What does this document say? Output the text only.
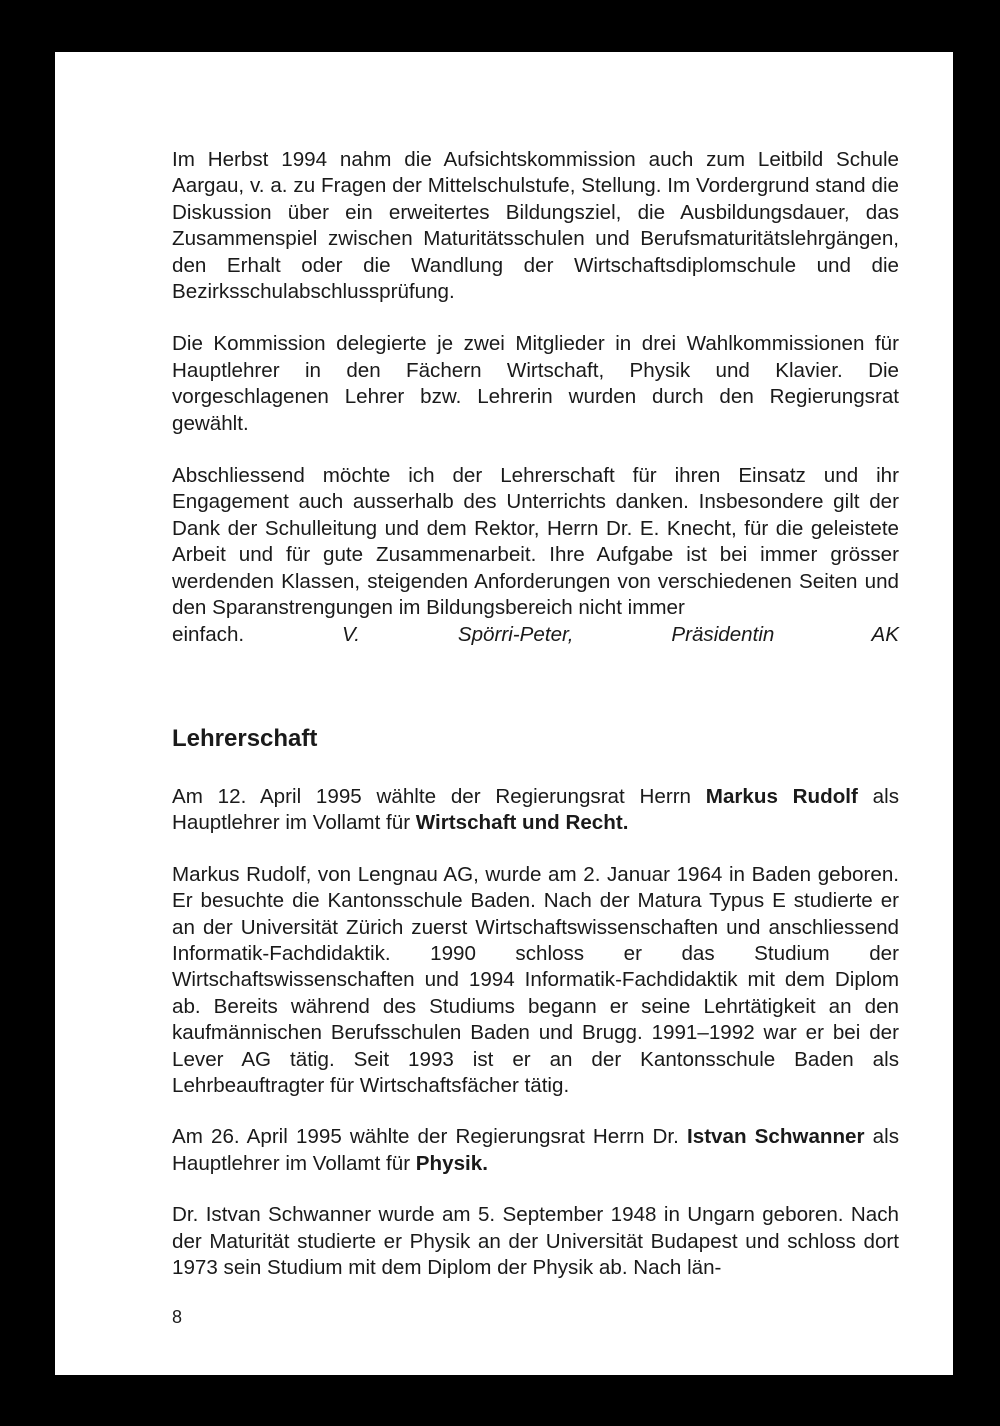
Im Herbst 1994 nahm die Aufsichtskommission auch zum Leitbild Schule Aargau, v. a. zu Fragen der Mittelschulstufe, Stellung. Im Vordergrund stand die Diskussion über ein erweitertes Bildungsziel, die Ausbildungsdauer, das Zusammenspiel zwischen Maturitätsschulen und Berufsmaturitätslehrgängen, den Erhalt oder die Wandlung der Wirtschaftsdiplomschule und die Bezirksschulabschlussprüfung.

Die Kommission delegierte je zwei Mitglieder in drei Wahlkommissionen für Hauptlehrer in den Fächern Wirtschaft, Physik und Klavier. Die vorgeschlagenen Lehrer bzw. Lehrerin wurden durch den Regierungsrat gewählt.

Abschliessend möchte ich der Lehrerschaft für ihren Einsatz und ihr Engagement auch ausserhalb des Unterrichts danken. Insbesondere gilt der Dank der Schulleitung und dem Rektor, Herrn Dr. E. Knecht, für die geleistete Arbeit und für gute Zusammenarbeit. Ihre Aufgabe ist bei immer grösser werdenden Klassen, steigenden Anforderungen von verschiedenen Seiten und den Sparanstrengungen im Bildungsbereich nicht immer

einfach.	V. Spörri-Peter, Präsidentin AK
Lehrerschaft

Am 12. April 1995 wählte der Regierungsrat Herrn Markus Rudolf als Hauptlehrer im Vollamt für Wirtschaft und Recht.

Markus Rudolf, von Lengnau AG, wurde am 2. Januar 1964 in Baden geboren. Er besuchte die Kantonsschule Baden. Nach der Matura Typus E studierte er an der Universität Zürich zuerst Wirtschaftswissenschaften und anschliessend Informatik-Fachdidaktik. 1990 schloss er das Studium der Wirtschaftswissenschaften und 1994 Informatik-Fachdidaktik mit dem Diplom ab. Bereits während des Studiums begann er seine Lehrtätigkeit an den kaufmännischen Berufsschulen Baden und Brugg. 1991–1992 war er bei der Lever AG tätig. Seit 1993 ist er an der Kantonsschule Baden als Lehrbeauftragter für Wirtschaftsfächer tätig.

Am 26. April 1995 wählte der Regierungsrat Herrn Dr. Istvan Schwanner als Hauptlehrer im Vollamt für Physik.

Dr. Istvan Schwanner wurde am 5. September 1948 in Ungarn geboren. Nach der Maturität studierte er Physik an der Universität Budapest und schloss dort 1973 sein Studium mit dem Diplom der Physik ab. Nach län-

8
